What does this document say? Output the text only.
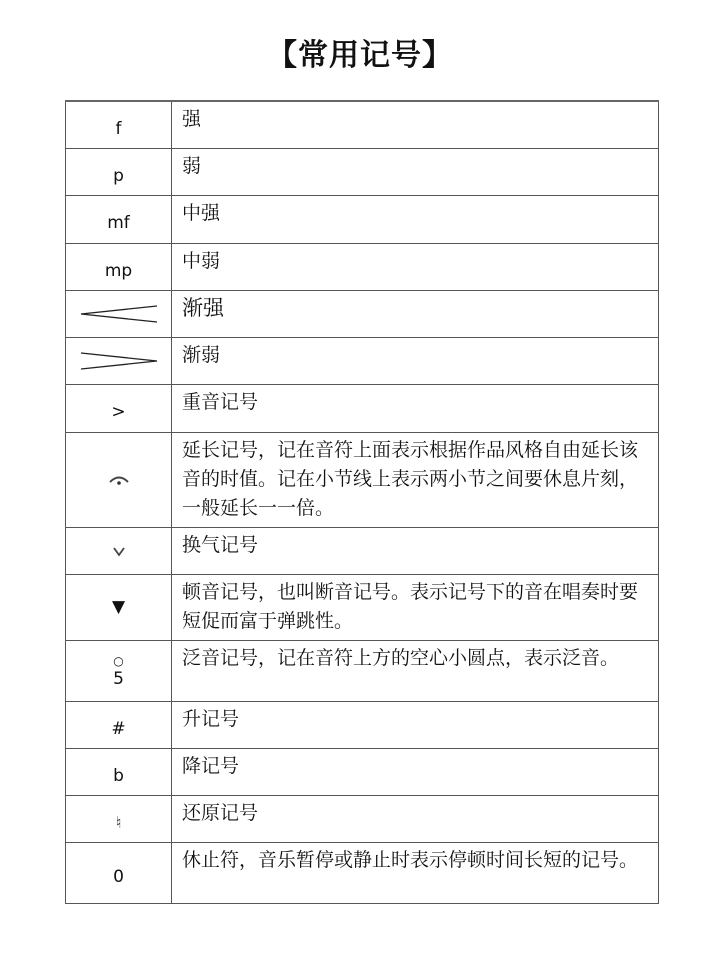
【常用记号】
f	强
p	弱
mf	中强
mp	中弱

	渐强

	渐弱
>	重音记号

	延长记号，记在音符上面表示根据作品风格自由延长该音的时值。记在小节线上表示两小节之间要休息片刻，一般延长一一倍。

	换气记号
▼	顿音记号，也叫断音记号。表示记号下的音在唱奏时要短促而富于弹跳性。

○
5	泛音记号，记在音符上方的空心小圆点，表示泛音。
#	升记号
b	降记号
♮	还原记号
0	休止符，音乐暂停或静止时表示停顿时间长短的记号。
